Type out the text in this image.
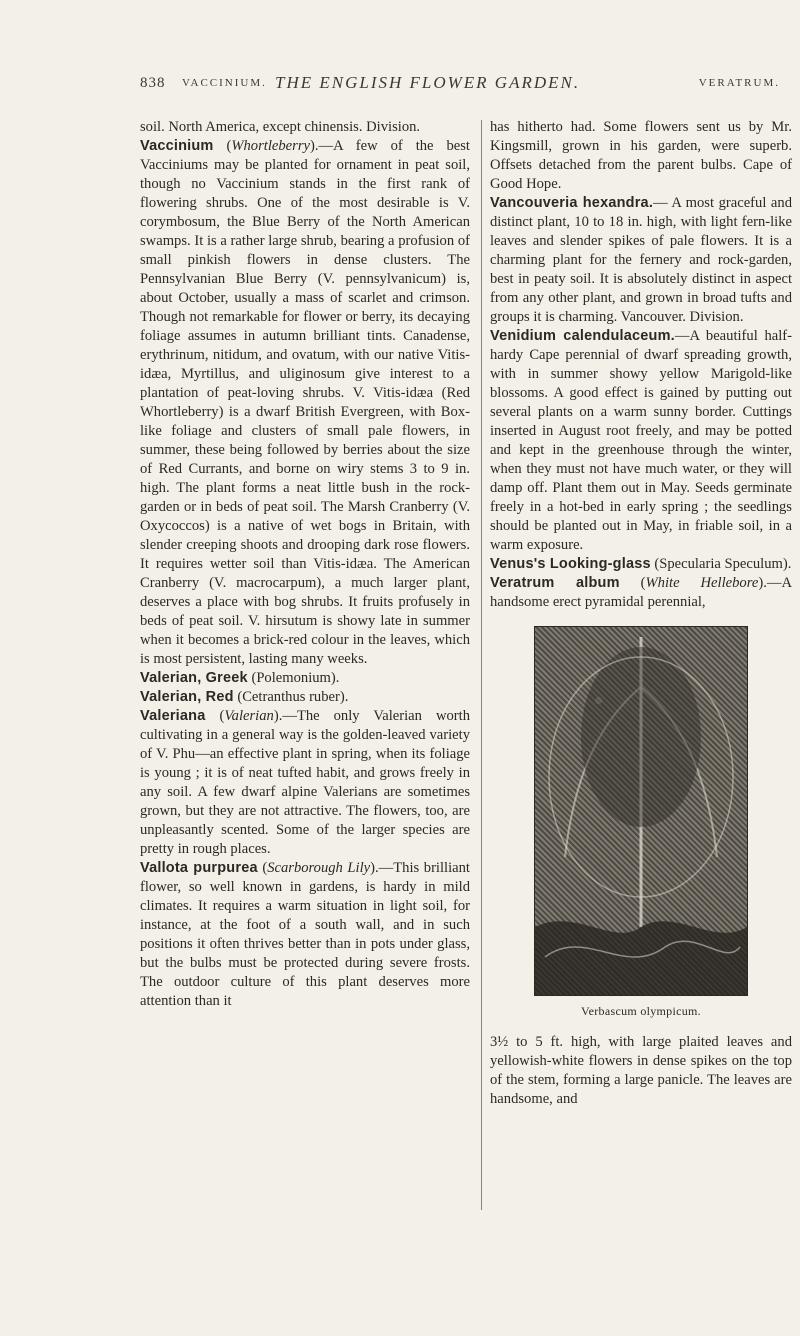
838 VACCINIUM. THE ENGLISH FLOWER GARDEN.	VERATRUM.

soil. North America, except chinensis. Division.

Vaccinium (Whortleberry).—A few of the best Vacciniums may be planted for ornament in peat soil, though no Vaccinium stands in the first rank of flowering shrubs. One of the most desirable is V. corymbosum, the Blue Berry of the North American swamps. It is a rather large shrub, bearing a profusion of small pinkish flowers in dense clusters. The Pennsylvanian Blue Berry (V. pennsylvanicum) is, about October, usually a mass of scarlet and crimson. Though not remarkable for flower or berry, its decaying foliage assumes in autumn brilliant tints. Canadense, erythrinum, nitidum, and ovatum, with our native Vitis-idæa, Myrtillus, and uliginosum give interest to a plantation of peat-loving shrubs. V. Vitis-idæa (Red Whortleberry) is a dwarf British Evergreen, with Box-like foliage and clusters of small pale flowers, in summer, these being followed by berries about the size of Red Currants, and borne on wiry stems 3 to 9 in. high. The plant forms a neat little bush in the rock-garden or in beds of peat soil. The Marsh Cranberry (V. Oxycoccos) is a native of wet bogs in Britain, with slender creeping shoots and drooping dark rose flowers. It requires wetter soil than Vitis-idæa. The American Cranberry (V. macrocarpum), a much larger plant, deserves a place with bog shrubs. It fruits profusely in beds of peat soil. V. hirsutum is showy late in summer when it becomes a brick-red colour in the leaves, which is most persistent, lasting many weeks.

Valerian, Greek (Polemonium).

Valerian, Red (Cetranthus ruber).

Valeriana (Valerian).—The only Valerian worth cultivating in a general way is the golden-leaved variety of V. Phu—an effective plant in spring, when its foliage is young ; it is of neat tufted habit, and grows freely in any soil. A few dwarf alpine Valerians are sometimes grown, but they are not attractive. The flowers, too, are unpleasantly scented. Some of the larger species are pretty in rough places.

Vallota purpurea (Scarborough Lily).—This brilliant flower, so well known in gardens, is hardy in mild climates. It requires a warm situation in light soil, for instance, at the foot of a south wall, and in such positions it often thrives better than in pots under glass, but the bulbs must be protected during severe frosts. The outdoor culture of this plant deserves more attention than it

has hitherto had. Some flowers sent us by Mr. Kingsmill, grown in his garden, were superb. Offsets detached from the parent bulbs. Cape of Good Hope.

Vancouveria hexandra.— A most graceful and distinct plant, 10 to 18 in. high, with light fern-like leaves and slender spikes of pale flowers. It is a charming plant for the fernery and rock-garden, best in peaty soil. It is absolutely distinct in aspect from any other plant, and grown in broad tufts and groups it is charming. Vancouver. Division.

Venidium calendulaceum.—A beautiful half-hardy Cape perennial of dwarf spreading growth, with in summer showy yellow Marigold-like blossoms. A good effect is gained by putting out several plants on a warm sunny border. Cuttings inserted in August root freely, and may be potted and kept in the greenhouse through the winter, when they must not have much water, or they will damp off. Plant them out in May. Seeds germinate freely in a hot-bed in early spring ; the seedlings should be planted out in May, in friable soil, in a warm exposure.

Venus's Looking-glass (Specularia Speculum).

Veratrum album (White Hellebore).—A handsome erect pyramidal perennial,

Verbascum olympicum.

3½ to 5 ft. high, with large plaited leaves and yellowish-white flowers in dense spikes on the top of the stem, forming a large panicle. The leaves are handsome, and
